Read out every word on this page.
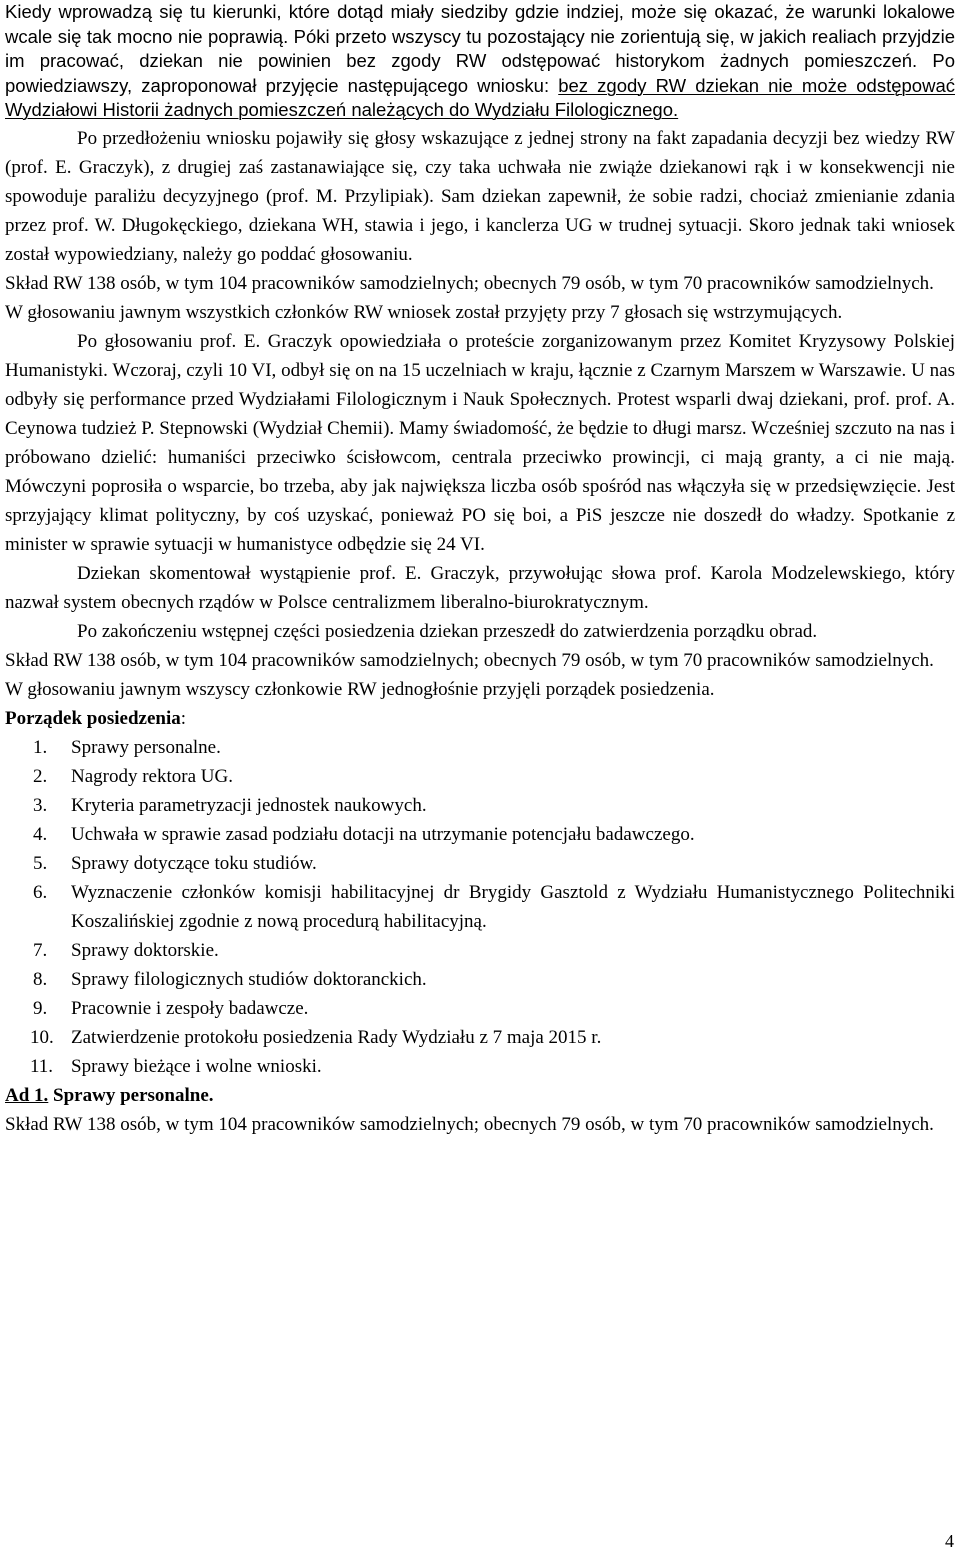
Kiedy wprowadzą się tu kierunki, które dotąd miały siedziby gdzie indziej, może się okazać, że warunki lokalowe wcale się tak mocno nie poprawią. Póki przeto wszyscy tu pozostający nie zorientują się, w jakich realiach przyjdzie im pracować, dziekan nie powinien bez zgody RW odstępować historykom żadnych pomieszczeń. Po powiedziawszy, zaproponował przyjęcie następującego wniosku: bez zgody RW dziekan nie może odstępować Wydziałowi Historii żadnych pomieszczeń należących do Wydziału Filologicznego.

Po przedłożeniu wniosku pojawiły się głosy wskazujące z jednej strony na fakt zapadania decyzji bez wiedzy RW (prof. E. Graczyk), z drugiej zaś zastanawiające się, czy taka uchwała nie zwiąże dziekanowi rąk i w konsekwencji nie spowoduje paraliżu decyzyjnego (prof. M. Przylipiak). Sam dziekan zapewnił, że sobie radzi, chociaż zmienianie zdania przez prof. W. Długokęckiego, dziekana WH, stawia i jego, i kanclerza UG w trudnej sytuacji. Skoro jednak taki wniosek został wypowiedziany, należy go poddać głosowaniu.

Skład RW 138 osób, w tym 104 pracowników samodzielnych; obecnych 79 osób, w tym 70 pracowników samodzielnych.

W głosowaniu jawnym wszystkich członków RW wniosek został przyjęty przy 7 głosach się wstrzymujących.

Po głosowaniu prof. E. Graczyk opowiedziała o proteście zorganizowanym przez Komitet Kryzysowy Polskiej Humanistyki. Wczoraj, czyli 10 VI, odbył się on na 15 uczelniach w kraju, łącznie z Czarnym Marszem w Warszawie. U nas odbyły się performance przed Wydziałami Filologicznym i Nauk Społecznych. Protest wsparli dwaj dziekani, prof. prof. A. Ceynowa tudzież P. Stepnowski (Wydział Chemii). Mamy świadomość, że będzie to długi marsz. Wcześniej szczuto na nas i próbowano dzielić: humaniści przeciwko ścisłowcom, centrala przeciwko prowincji, ci mają granty, a ci nie mają. Mówczyni poprosiła o wsparcie, bo trzeba, aby jak największa liczba osób spośród nas włączyła się w przedsięwzięcie. Jest sprzyjający klimat polityczny, by coś uzyskać, ponieważ PO się boi, a PiS jeszcze nie doszedł do władzy. Spotkanie z minister w sprawie sytuacji w humanistyce odbędzie się 24 VI.

Dziekan skomentował wystąpienie prof. E. Graczyk, przywołując słowa prof. Karola Modzelewskiego, który nazwał system obecnych rządów w Polsce centralizmem liberalno-biurokratycznym.

Po zakończeniu wstępnej części posiedzenia dziekan przeszedł do zatwierdzenia porządku obrad.

Skład RW 138 osób, w tym 104 pracowników samodzielnych; obecnych 79 osób, w tym 70 pracowników samodzielnych.

W głosowaniu jawnym wszyscy członkowie RW jednogłośnie przyjęli porządek posiedzenia.

Porządek posiedzenia:

1. Sprawy personalne.
2. Nagrody rektora UG.
3. Kryteria parametryzacji jednostek naukowych.
4. Uchwała w sprawie zasad podziału dotacji na utrzymanie potencjału badawczego.
5. Sprawy dotyczące toku studiów.
6. Wyznaczenie członków komisji habilitacyjnej dr Brygidy Gasztold z Wydziału Humanistycznego Politechniki Koszalińskiej zgodnie z nową procedurą habilitacyjną.
7. Sprawy doktorskie.
8. Sprawy filologicznych studiów doktoranckich.
9. Pracownie i zespoły badawcze.
10. Zatwierdzenie protokołu posiedzenia Rady Wydziału z 7 maja 2015 r.
11. Sprawy bieżące i wolne wnioski.

Ad 1. Sprawy personalne.

Skład RW 138 osób, w tym 104 pracowników samodzielnych; obecnych 79 osób, w tym 70 pracowników samodzielnych.

4
